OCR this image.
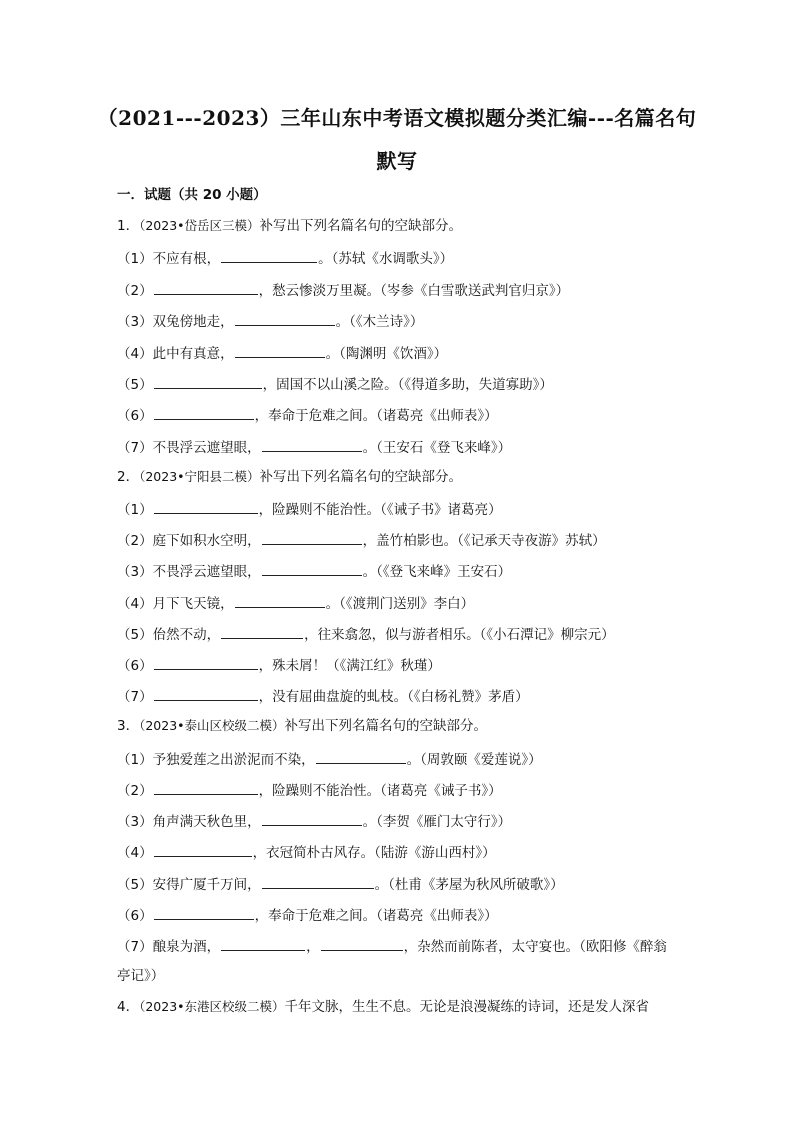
（2021---2023）三年山东中考语文模拟题分类汇编---名篇名句
默写
一．试题（共 20 小题）
1．（2023•岱岳区三模）补写出下列名篇名句的空缺部分。
（1）不应有根，	。（苏轼《水调歌头》）
（2）	，愁云惨淡万里凝。（岑参《白雪歌送武判官归京》）
（3）双兔傍地走，	。（《木兰诗》）
（4）此中有真意，	。（陶渊明《饮酒》）
（5）	，固国不以山溪之险。（《得道多助，失道寡助》）
（6）	，奉命于危难之间。（诸葛亮《出师表》）
（7）不畏浮云遮望眼，	。（王安石《登飞来峰》）
2．（2023•宁阳县二模）补写出下列名篇名句的空缺部分。
（1）	，险躁则不能治性。（《诫子书》诸葛亮）
（2）庭下如积水空明，	，盖竹柏影也。（《记承天寺夜游》苏轼）
（3）不畏浮云遮望眼，	。（《登飞来峰》王安石）
（4）月下飞天镜，	。（《渡荆门送别》李白）
（5）佁然不动，	，往来翕忽，似与游者相乐。（《小石潭记》柳宗元）
（6）	，殊未屑！（《满江红》秋瑾）
（7）	，没有屈曲盘旋的虬枝。（《白杨礼赞》茅盾）
3．（2023•泰山区校级二模）补写出下列名篇名句的空缺部分。
（1）予独爱莲之出淤泥而不染，	。（周敦颐《爱莲说》）
（2）	，险躁则不能治性。（诸葛亮《诫子书》）
（3）角声满天秋色里，	。（李贺《雁门太守行》）
（4）	，衣冠简朴古风存。（陆游《游山西村》）
（5）安得广厦千万间，	。（杜甫《茅屋为秋风所破歌》）
（6）	，奉命于危难之间。（诸葛亮《出师表》）
（7）酿泉为酒，	，	，杂然而前陈者，太守宴也。（欧阳修《醉翁
亭记》）
4．（2023•东港区校级二模）千年文脉，生生不息。无论是浪漫凝练的诗词，还是发人深省
